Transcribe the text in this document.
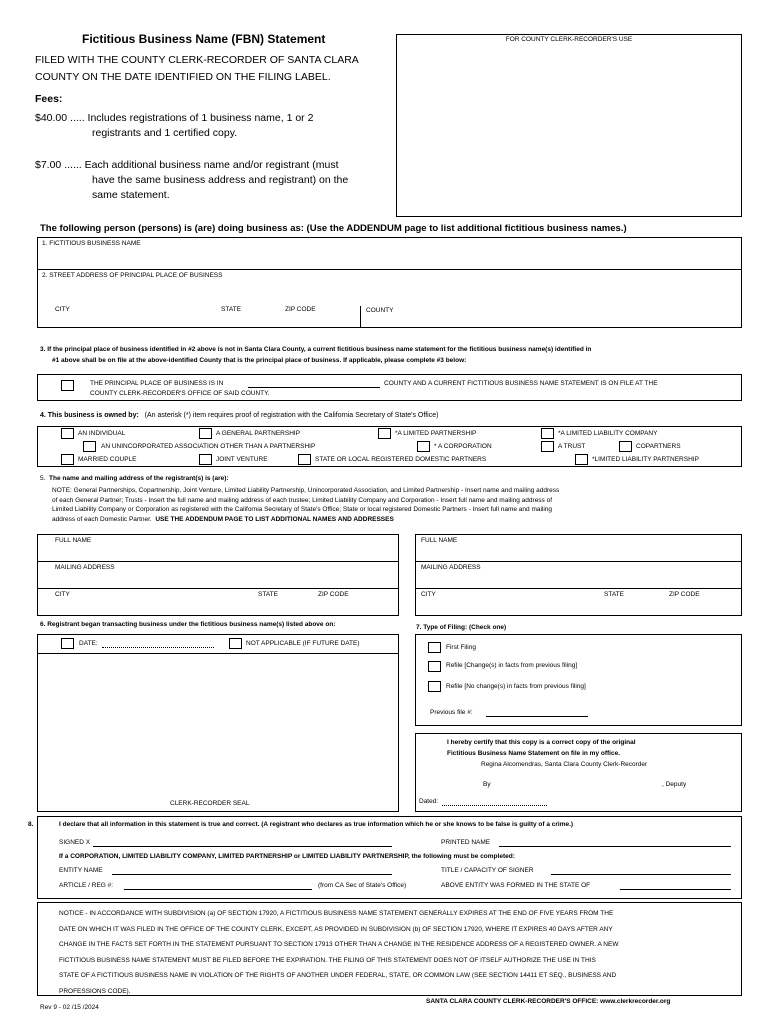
Fictitious Business Name (FBN) Statement
FILED WITH THE COUNTY CLERK-RECORDER OF SANTA CLARA
COUNTY ON THE DATE IDENTIFIED ON THE FILING LABEL.
Fees:
$40.00 ..... Includes registrations of 1 business name, 1 or 2
registrants and 1 certified copy.
$7.00 ...... Each additional business name and/or registrant (must
have the same business address and registrant) on the
same statement.
FOR COUNTY CLERK-RECORDER'S USE
The following person (persons) is (are) doing business as: (Use the ADDENDUM page to list additional fictitious business names.)
1. FICTITIOUS BUSINESS NAME
2. STREET ADDRESS OF PRINCIPAL PLACE OF BUSINESS
CITY	STATE	ZIP CODE	COUNTY
3. If the principal place of business identified in #2 above is not in Santa Clara County, a current fictitious business name statement for the fictitious business name(s) identified in
#1 above shall be on file at the above-identified County that is the principal place of business. If applicable, please complete #3 below:
THE PRINCIPAL PLACE OF BUSINESS IS IN	COUNTY AND A CURRENT FICTITIOUS BUSINESS NAME STATEMENT IS ON FILE AT THE
COUNTY CLERK-RECORDER'S OFFICE OF SAID COUNTY.
4. This business is owned by: (An asterisk (*) item requires proof of registration with the California Secretary of State's Office)
AN INDIVIDUAL	A GENERAL PARTNERSHIP	*A LIMITED PARTNERSHIP	*A LIMITED LIABILITY COMPANY
AN UNINCORPORATED ASSOCIATION OTHER THAN A PARTNERSHIP	* A CORPORATION	A TRUST	COPARTNERS
MARRIED COUPLE	JOINT VENTURE	STATE OR LOCAL REGISTERED DOMESTIC PARTNERS	*LIMITED LIABILITY PARTNERSHIP
5. The name and mailing address of the registrant(s) is (are):
NOTE: General Partnerships, Copartnership, Joint Venture, Limited Liability Partnership, Unincorporated Association, and Limited Partnership - Insert name and mailing address
of each General Partner; Trusts - Insert the full name and mailing address of each trustee; Limited Liability Company and Corporation - Insert full name and mailing address of
Limited Liability Company or Corporation as registered with the California Secretary of State's Office; State or local registered Domestic Partners - Insert full name and mailing
address of each Domestic Partner. USE THE ADDENDUM PAGE TO LIST ADDITIONAL NAMES AND ADDRESSES
FULL NAME
MAILING ADDRESS
CITY	STATE	ZIP CODE
FULL NAME
MAILING ADDRESS
CITY	STATE	ZIP CODE
6. Registrant began transacting business under the fictitious business name(s) listed above on:
DATE:	NOT APPLICABLE (IF FUTURE DATE)
CLERK-RECORDER SEAL
7. Type of Filing: (Check one)
First Filing
Refile [Change(s) in facts from previous filing]
Refile [No change(s) in facts from previous filing]
Previous file #:
I hereby certify that this copy is a correct copy of the original
Fictitious Business Name Statement on file in my office.
Regina Alcomendras, Santa Clara County Clerk-Recorder
By	, Deputy
Dated:
8.	I declare that all information in this statement is true and correct. (A registrant who declares as true information which he or she knows to be false is guilty of a crime.)
SIGNED X	PRINTED NAME
If a CORPORATION, LIMITED LIABILITY COMPANY, LIMITED PARTNERSHIP or LIMITED LIABILITY PARTNERSHIP, the following must be completed:
ENTITY NAME	TITLE / CAPACITY OF SIGNER
ARTICLE / REG #:	(from CA Sec of State's Office)	ABOVE ENTITY WAS FORMED IN THE STATE OF
NOTICE - IN ACCORDANCE WITH SUBDIVISION (a) OF SECTION 17920, A FICTITIOUS BUSINESS NAME STATEMENT GENERALLY EXPIRES AT THE END OF FIVE YEARS FROM THE
DATE ON WHICH IT WAS FILED IN THE OFFICE OF THE COUNTY CLERK, EXCEPT, AS PROVIDED IN SUBDIVISION (b) OF SECTION 17920, WHERE IT EXPIRES 40 DAYS AFTER ANY
CHANGE IN THE FACTS SET FORTH IN THE STATEMENT PURSUANT TO SECTION 17913 OTHER THAN A CHANGE IN THE RESIDENCE ADDRESS OF A REGISTERED OWNER. A NEW
FICTITIOUS BUSINESS NAME STATEMENT MUST BE FILED BEFORE THE EXPIRATION. THE FILING OF THIS STATEMENT DOES NOT OF ITSELF AUTHORIZE THE USE IN THIS
STATE OF A FICTITIOUS BUSINESS NAME IN VIOLATION OF THE RIGHTS OF ANOTHER UNDER FEDERAL, STATE, OR COMMON LAW (SEE SECTION 14411 ET SEQ., BUSINESS AND
PROFESSIONS CODE).
Rev 9 - 02 /15 /2024
SANTA CLARA COUNTY CLERK-RECORDER'S OFFICE: www.clerkrecorder.org
